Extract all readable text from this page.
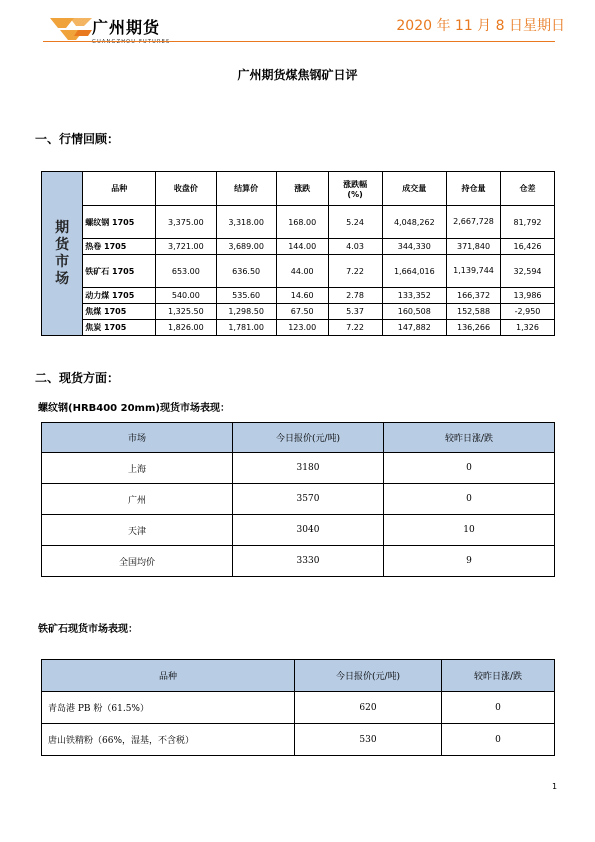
广州期货
GUANGZHOU FUTURES
2020 年 11 月 8 日星期日
广州期货煤焦钢矿日评
一、行情回顾：
期
货
市
场	品种	收盘价	结算价	涨跌	涨跌幅(%)	成交量	持仓量	仓差
	螺纹钢 1705	3,375.00	3,318.00	168.00	5.24	4,048,262	2,667,728	81,792
	热卷 1705	3,721.00	3,689.00	144.00	4.03	344,330	371,840	16,426
	铁矿石 1705	653.00	636.50	44.00	7.22	1,664,016	1,139,744	32,594
	动力煤 1705	540.00	535.60	14.60	2.78	133,352	166,372	13,986
	焦煤 1705	1,325.50	1,298.50	67.50	5.37	160,508	152,588	-2,950
	焦炭 1705	1,826.00	1,781.00	123.00	7.22	147,882	136,266	1,326
二、现货方面：
螺纹钢(HRB400 20mm)现货市场表现：
市场	今日报价(元/吨)	较昨日涨/跌
上海	3180	0
广州	3570	0
天津	3040	10
全国均价	3330	9
铁矿石现货市场表现：
品种	今日报价(元/吨)	较昨日涨/跌
青岛港 PB 粉（61.5%）	620	0
唐山铁精粉（66%，湿基，不含税）	530	0
1
